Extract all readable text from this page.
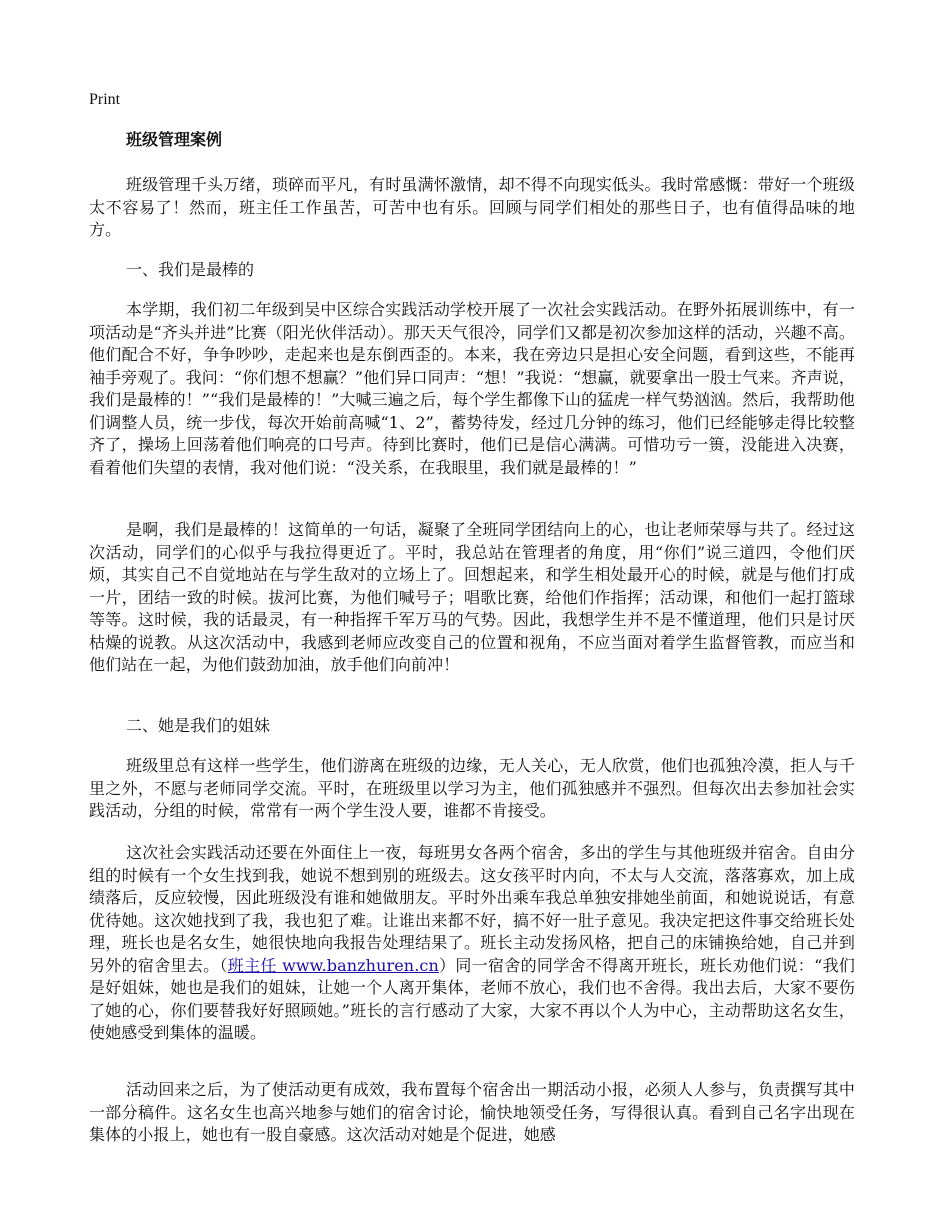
Print
班级管理案例

班级管理千头万绪，琐碎而平凡，有时虽满怀激情，却不得不向现实低头。我时常感慨：带好一个班级太不容易了！然而，班主任工作虽苦，可苦中也有乐。回顾与同学们相处的那些日子，也有值得品味的地方。

一、我们是最棒的

本学期，我们初二年级到吴中区综合实践活动学校开展了一次社会实践活动。在野外拓展训练中，有一项活动是“齐头并进”比赛（阳光伙伴活动）。那天天气很冷，同学们又都是初次参加这样的活动，兴趣不高。他们配合不好，争争吵吵，走起来也是东倒西歪的。本来，我在旁边只是担心安全问题，看到这些，不能再袖手旁观了。我问：“你们想不想赢？”他们异口同声：“想！”我说：“想赢，就要拿出一股士气来。齐声说，我们是最棒的！”“我们是最棒的！”大喊三遍之后，每个学生都像下山的猛虎一样气势汹汹。然后，我帮助他们调整人员，统一步伐，每次开始前高喊“1、2”，蓄势待发，经过几分钟的练习，他们已经能够走得比较整齐了，操场上回荡着他们响亮的口号声。待到比赛时，他们已是信心满满。可惜功亏一篑，没能进入决赛，看着他们失望的表情，我对他们说：“没关系，在我眼里，我们就是最棒的！”

是啊，我们是最棒的！这简单的一句话，凝聚了全班同学团结向上的心，也让老师荣辱与共了。经过这次活动，同学们的心似乎与我拉得更近了。平时，我总站在管理者的角度，用“你们”说三道四，令他们厌烦，其实自己不自觉地站在与学生敌对的立场上了。回想起来，和学生相处最开心的时候，就是与他们打成一片，团结一致的时候。拔河比赛，为他们喊号子；唱歌比赛，给他们作指挥；活动课，和他们一起打篮球等等。这时候，我的话最灵，有一种指挥千军万马的气势。因此，我想学生并不是不懂道理，他们只是讨厌枯燥的说教。从这次活动中，我感到老师应改变自己的位置和视角，不应当面对着学生监督管教，而应当和他们站在一起，为他们鼓劲加油，放手他们向前冲！

二、她是我们的姐妹

班级里总有这样一些学生，他们游离在班级的边缘，无人关心，无人欣赏，他们也孤独冷漠，拒人与千里之外，不愿与老师同学交流。平时，在班级里以学习为主，他们孤独感并不强烈。但每次出去参加社会实践活动，分组的时候，常常有一两个学生没人要，谁都不肯接受。

这次社会实践活动还要在外面住上一夜，每班男女各两个宿舍，多出的学生与其他班级并宿舍。自由分组的时候有一个女生找到我，她说不想到别的班级去。这女孩平时内向，不太与人交流，落落寡欢，加上成绩落后，反应较慢，因此班级没有谁和她做朋友。平时外出乘车我总单独安排她坐前面，和她说说话，有意优待她。这次她找到了我，我也犯了难。让谁出来都不好，搞不好一肚子意见。我决定把这件事交给班长处理，班长也是名女生，她很快地向我报告处理结果了。班长主动发扬风格，把自己的床铺换给她，自己并到另外的宿舍里去。（班主任 www.banzhuren.cn）同一宿舍的同学舍不得离开班长，班长劝他们说：“我们是好姐妹，她也是我们的姐妹，让她一个人离开集体，老师不放心，我们也不舍得。我出去后，大家不要伤了她的心，你们要替我好好照顾她。”班长的言行感动了大家，大家不再以个人为中心，主动帮助这名女生，使她感受到集体的温暖。

活动回来之后，为了使活动更有成效，我布置每个宿舍出一期活动小报，必须人人参与，负责撰写其中一部分稿件。这名女生也高兴地参与她们的宿舍讨论，愉快地领受任务，写得很认真。看到自己名字出现在集体的小报上，她也有一股自豪感。这次活动对她是个促进，她感
